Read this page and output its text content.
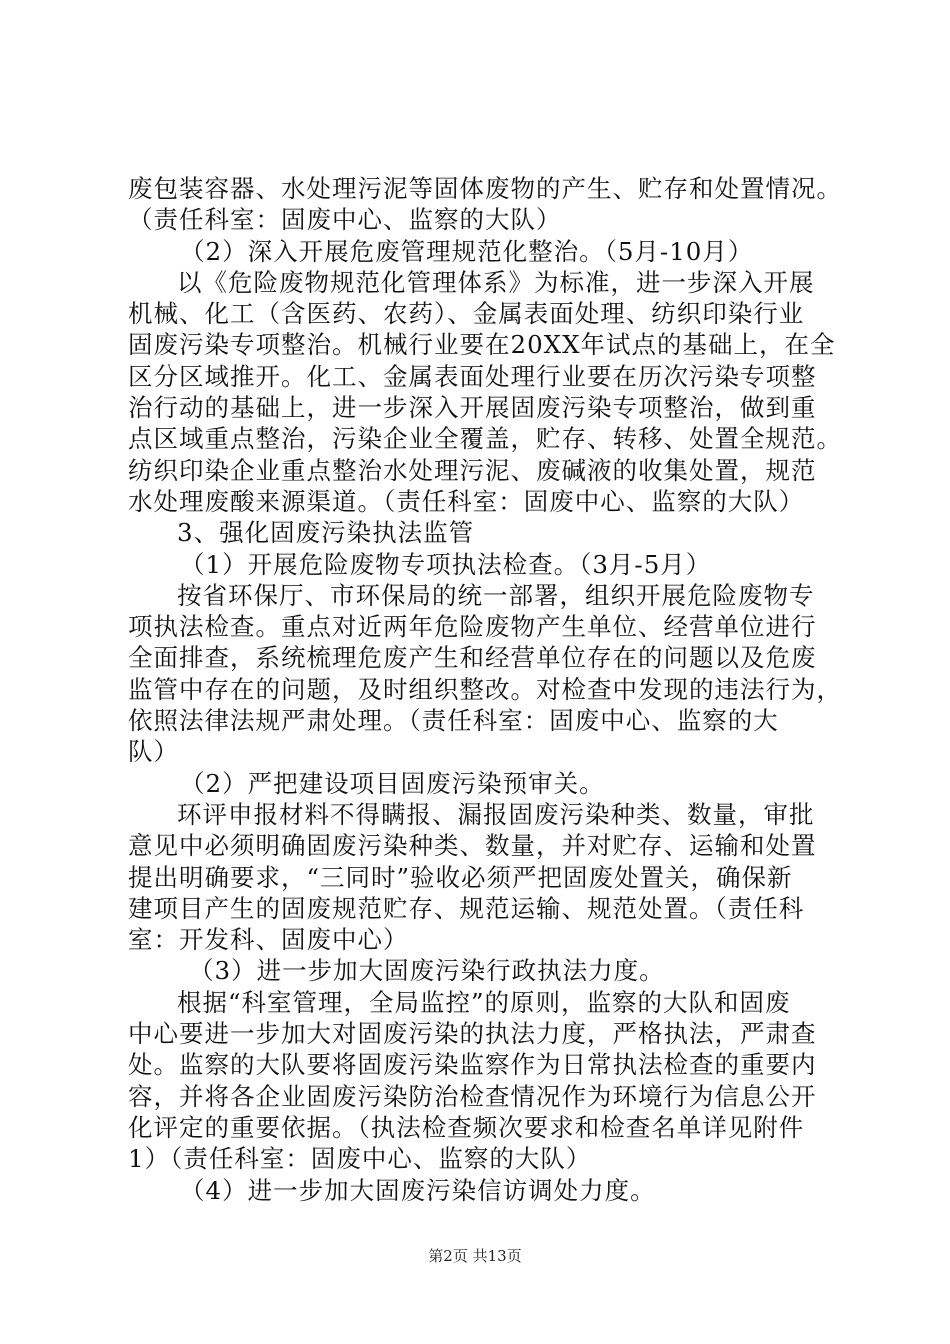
废包装容器、水处理污泥等固体废物的产生、贮存和处置情况。
（责任科室：固废中心、监察的大队）
（2）深入开展危废管理规范化整治。（5月-10月）
以《危险废物规范化管理体系》为标准，进一步深入开展
机械、化工（含医药、农药）、金属表面处理、纺织印染行业
固废污染专项整治。机械行业要在20XX年试点的基础上，在全
区分区域推开。化工、金属表面处理行业要在历次污染专项整
治行动的基础上，进一步深入开展固废污染专项整治，做到重
点区域重点整治，污染企业全覆盖，贮存、转移、处置全规范。
纺织印染企业重点整治水处理污泥、废碱液的收集处置，规范
水处理废酸来源渠道。（责任科室：固废中心、监察的大队）
3、强化固废污染执法监管
（1）开展危险废物专项执法检查。（3月-5月）
按省环保厅、市环保局的统一部署，组织开展危险废物专
项执法检查。重点对近两年危险废物产生单位、经营单位进行
全面排查，系统梳理危废产生和经营单位存在的问题以及危废
监管中存在的问题，及时组织整改。对检查中发现的违法行为，
依照法律法规严肃处理。（责任科室：固废中心、监察的大
队）
（2）严把建设项目固废污染预审关。
环评申报材料不得瞒报、漏报固废污染种类、数量，审批
意见中必须明确固废污染种类、数量，并对贮存、运输和处置
提出明确要求，“三同时”验收必须严把固废处置关，确保新
建项目产生的固废规范贮存、规范运输、规范处置。（责任科
室：开发科、固废中心）
（3）进一步加大固废污染行政执法力度。
根据“科室管理，全局监控”的原则，监察的大队和固废
中心要进一步加大对固废污染的执法力度，严格执法，严肃查
处。监察的大队要将固废污染监察作为日常执法检查的重要内
容，并将各企业固废污染防治检查情况作为环境行为信息公开
化评定的重要依据。（执法检查频次要求和检查名单详见附件
1）（责任科室：固废中心、监察的大队）
（4）进一步加大固废污染信访调处力度。
第2页 共13页
